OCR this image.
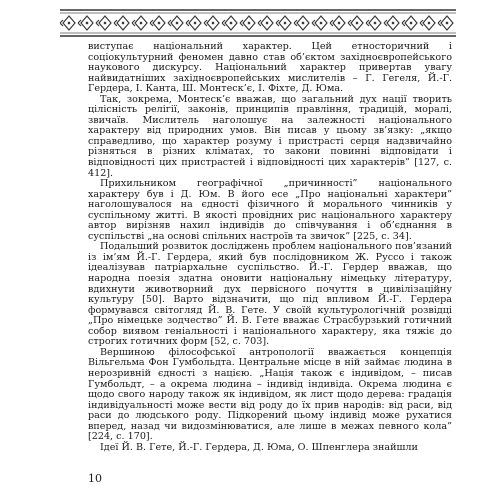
виступає національний характер. Цей етносторичний і соціокультурний феномен давно став об’єктом західноєвропейського наукового дискурсу. Національний характер привертав увагу найвидатніших західноєвропейських мислителів – Г. Гегеля, Й.-Г. Гердера, І. Канта, Ш. Монтеск’є, І. Фіхте, Д. Юма.

Так, зокрема, Монтеск’є вважав, що загальний дух нації творить цілісність релігії, законів, принципів правління, традицій, моралі, звичаїв. Мислитель наголошує на залежності національного характеру від природних умов. Він писав у цьому зв’язку: „якщо справедливо, що характер розуму і пристрасті серця надзвичайно різняться в різних кліматах, то закони повинні відповідати і відповідності цих пристрастей і відповідності цих характерів” [127, с. 412].

Прихильником географічної „причинності” національного характеру був і Д. Юм. В його есе „Про національні характери” наголошувалося на єдності фізичного й морального чинників у суспільному житті. В якості провідних рис національного характеру автор вирізняв нахил індивідів до співчування і об’єднання в суспільстві „на основі спільних настроїв та звичок” [225, с. 34].

Подальший розвиток досліджень проблем національного пов’язаний із ім’ям Й.-Г. Гердера, який був послідовником Ж. Руссо і також ідеалізував патріархальне суспільство. Й.-Г. Гердер вважав, що народна поезія здатна оновити національну німецьку літературу, вдихнути животворний дух первісного почуття в цивілізаційну культуру [50]. Варто відзначити, що під впливом Й.-Г. Гердера формувався світогляд Й. В. Гете. У своїй культурологічній розвідці „Про німецьке зодчество” Й. В. Гете вважає Страсбурзький готичний собор виявом геніальності і національного характеру, яка тяжіє до строгих готичних форм [52, с. 703].

Вершиною філософської антропології вважається концепція Вільгельма Фон Гумбольдта. Центральне місце в ній займає людина в нерозривній єдності з нацією. „Нація також є індивідом, – писав Гумбольдт, – а окрема людина – індивід індивіда. Окрема людина є щодо свого народу також як індивідом, як лист щодо дерева: градація індивідуальності може вести від роду до їх прив народів: від раси, від раси до людського роду. Підкорений цьому індивід може рухатися вперед, назад чи видозмінюватися, але лише в межах певного кола” [224, с. 170].

Ідеї Й. В. Гете, Й.-Г. Гердера, Д. Юма, О. Шпенглера знайшли

10
